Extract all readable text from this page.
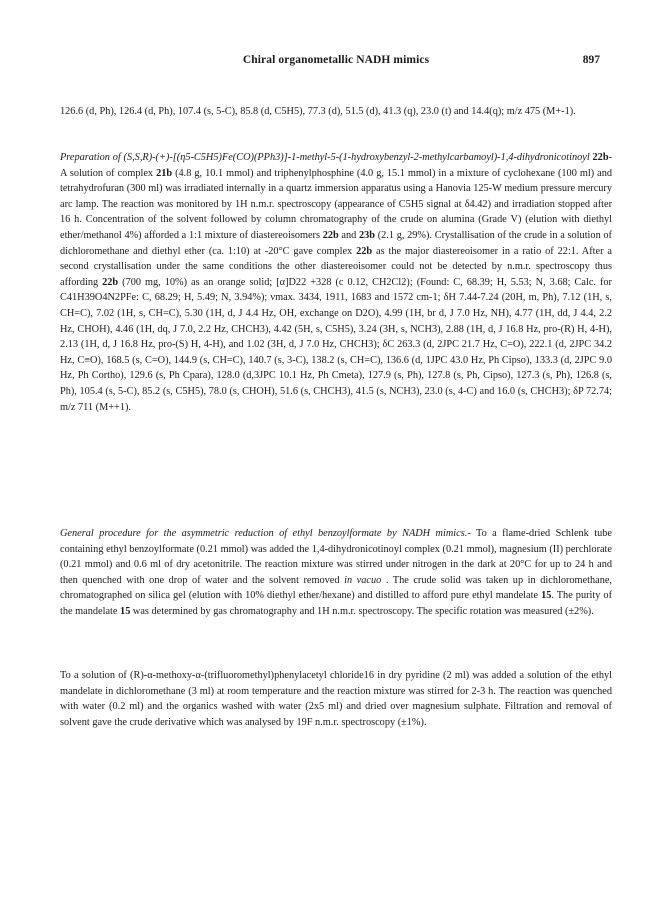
Chiral organometallic NADH mimics	897

126.6 (d, Ph), 126.4 (d, Ph), 107.4 (s, 5-C), 85.8 (d, C5H5), 77.3 (d), 51.5 (d), 41.3 (q), 23.0 (t) and 14.4(q); m/z 475 (M+-1).

Preparation of (S,S,R)-(+)-[(η5-C5H5)Fe(CO)(PPh3)]-1-methyl-5-(1-hydroxybenzyl-2-methylcarbamoyl)-1,4-dihydronicotinoyl 22b- A solution of complex 21b (4.8 g, 10.1 mmol) and triphenylphosphine (4.0 g, 15.1 mmol) in a mixture of cyclohexane (100 ml) and tetrahydrofuran (300 ml) was irradiated internally in a quartz immersion apparatus using a Hanovia 125-W medium pressure mercury arc lamp. The reaction was monitored by 1H n.m.r. spectroscopy (appearance of C5H5 signal at δ4.42) and irradiation stopped after 16 h. Concentration of the solvent followed by column chromatography of the crude on alumina (Grade V) (elution with diethyl ether/methanol 4%) afforded a 1:1 mixture of diastereoisomers 22b and 23b (2.1 g, 29%). Crystallisation of the crude in a solution of dichloromethane and diethyl ether (ca. 1:10) at -20°C gave complex 22b as the major diastereoisomer in a ratio of 22:1. After a second crystallisation under the same conditions the other diastereoisomer could not be detected by n.m.r. spectroscopy thus affording 22b (700 mg, 10%) as an orange solid; [α]D22 +328 (c 0.12, CH2Cl2); (Found: C, 68.39; H, 5.53; N, 3.68; Calc. for C41H39O4N2PFe: C, 68.29; H, 5.49; N, 3.94%); νmax. 3434, 1911, 1683 and 1572 cm-1; δH 7.44-7.24 (20H, m, Ph), 7.12 (1H, s, CH=C), 7.02 (1H, s, CH=C), 5.30 (1H, d, J 4.4 Hz, OH, exchange on D2O), 4.99 (1H, br d, J 7.0 Hz, NH), 4.77 (1H, dd, J 4.4, 2.2 Hz, CHOH), 4.46 (1H, dq, J 7.0, 2.2 Hz, CHCH3), 4.42 (5H, s, C5H5), 3.24 (3H, s, NCH3), 2.88 (1H, d, J 16.8 Hz, pro-(R) H, 4-H), 2.13 (1H, d, J 16.8 Hz, pro-(S) H, 4-H), and 1.02 (3H, d, J 7.0 Hz, CHCH3); δC 263.3 (d, 2JPC 21.7 Hz, C=O), 222.1 (d, 2JPC 34.2 Hz, C≡O), 168.5 (s, C=O), 144.9 (s, CH=C), 140.7 (s, 3-C), 138.2 (s, CH=C), 136.6 (d, 1JPC 43.0 Hz, Ph Cipso), 133.3 (d, 2JPC 9.0 Hz, Ph Cortho), 129.6 (s, Ph Cpara), 128.0 (d,3JPC 10.1 Hz, Ph Cmeta), 127.9 (s, Ph), 127.8 (s, Ph, Cipso), 127.3 (s, Ph), 126.8 (s, Ph), 105.4 (s, 5-C), 85.2 (s, C5H5), 78.0 (s, CHOH), 51.6 (s, CHCH3), 41.5 (s, NCH3), 23.0 (s, 4-C) and 16.0 (s, CHCH3); δP 72.74; m/z 711 (M++1).

General procedure for the asymmetric reduction of ethyl benzoylformate by NADH mimics.- To a flame-dried Schlenk tube containing ethyl benzoylformate (0.21 mmol) was added the 1,4-dihydronicotinoyl complex (0.21 mmol), magnesium (II) perchlorate (0.21 mmol) and 0.6 ml of dry acetonitrile. The reaction mixture was stirred under nitrogen in the dark at 20°C for up to 24 h and then quenched with one drop of water and the solvent removed in vacuo . The crude solid was taken up in dichloromethane, chromatographed on silica gel (elution with 10% diethyl ether/hexane) and distilled to afford pure ethyl mandelate 15. The purity of the mandelate 15 was determined by gas chromatography and 1H n.m.r. spectroscopy. The specific rotation was measured (±2%).

To a solution of (R)-α-methoxy-α-(trifluoromethyl)phenylacetyl chloride16 in dry pyridine (2 ml) was added a solution of the ethyl mandelate in dichloromethane (3 ml) at room temperature and the reaction mixture was stirred for 2-3 h. The reaction was quenched with water (0.2 ml) and the organics washed with water (2x5 ml) and dried over magnesium sulphate. Filtration and removal of solvent gave the crude derivative which was analysed by 19F n.m.r. spectroscopy (±1%).
